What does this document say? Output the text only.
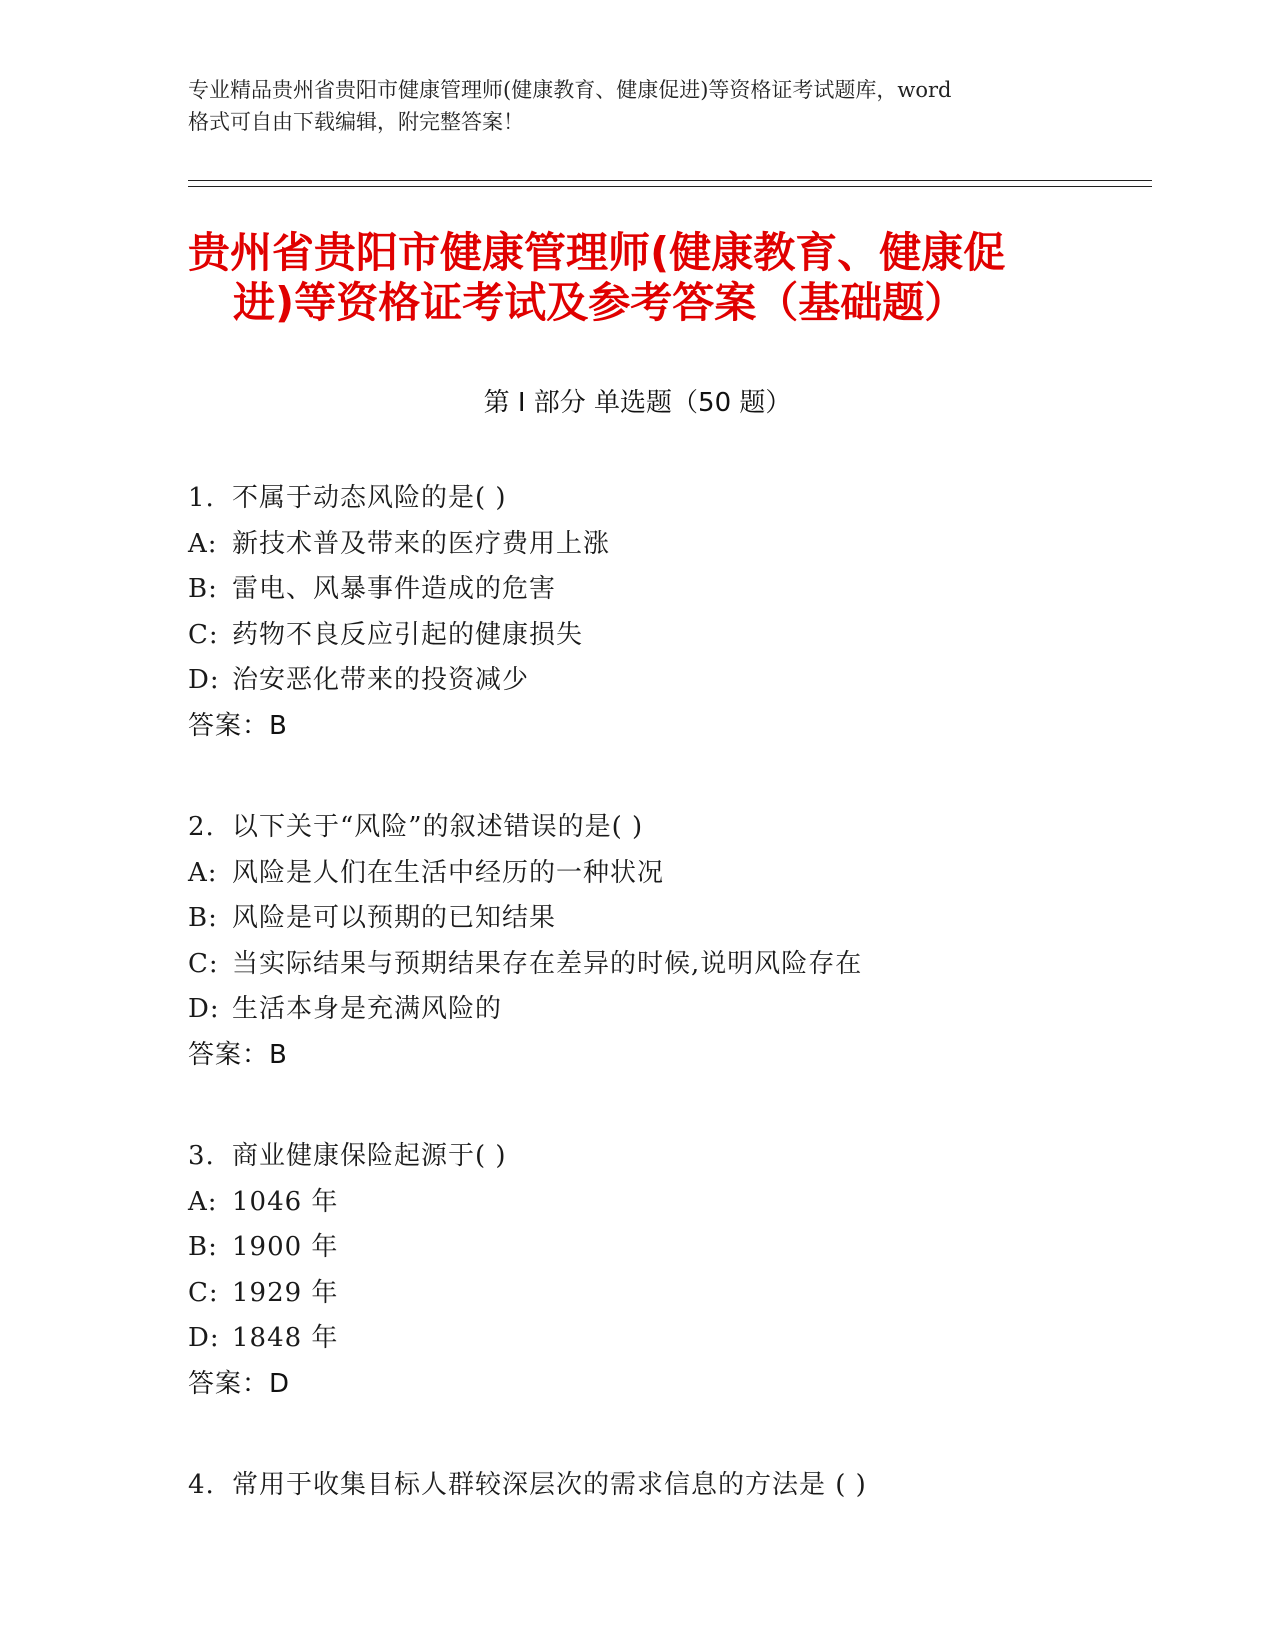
专业精品贵州省贵阳市健康管理师(健康教育、健康促进)等资格证考试题库，word
格式可自由下载编辑，附完整答案！
贵州省贵阳市健康管理师(健康教育、健康促
进)等资格证考试及参考答案（基础题）
第 I 部分 单选题（50 题）
1. 不属于动态风险的是( )
A: 新技术普及带来的医疗费用上涨
B: 雷电、风暴事件造成的危害
C: 药物不良反应引起的健康损失
D: 治安恶化带来的投资减少
答案：B
2. 以下关于“风险”的叙述错误的是( )
A: 风险是人们在生活中经历的一种状况
B: 风险是可以预期的已知结果
C: 当实际结果与预期结果存在差异的时候,说明风险存在
D: 生活本身是充满风险的
答案：B
3. 商业健康保险起源于( )
A: 1046 年
B: 1900 年
C: 1929 年
D: 1848 年
答案：D
4. 常用于收集目标人群较深层次的需求信息的方法是 ( )
